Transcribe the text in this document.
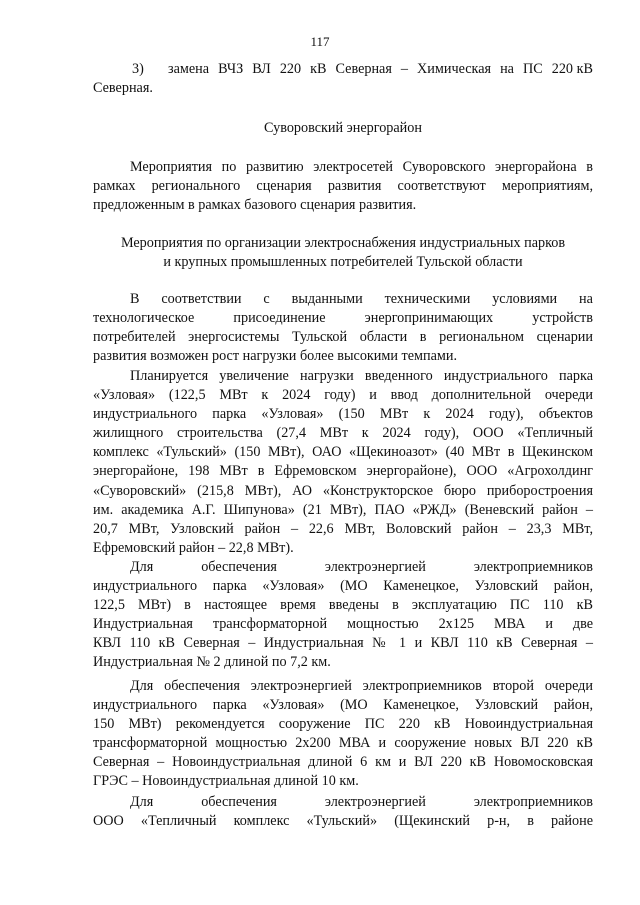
117
3)	замена ВЧЗ ВЛ 220 кВ Северная – Химическая на ПС 220 кВ
Северная.
Суворовский энергорайон
Мероприятия по развитию электросетей Суворовского энергорайона в
рамках регионального сценария развития соответствуют мероприятиям,
предложенным в рамках базового сценария развития.
Мероприятия по организации электроснабжения индустриальных парков
и крупных промышленных потребителей Тульской области
В соответствии с выданными техническими условиями на
технологическое	присоединение	энергопринимающих	устройств
потребителей энергосистемы Тульской области в региональном сценарии
развития возможен рост нагрузки более высокими темпами.
Планируется увеличение нагрузки введенного индустриального парка
«Узловая» (122,5 МВт к 2024 году) и ввод дополнительной очереди
индустриального парка «Узловая» (150 МВт к 2024 году), объектов
жилищного строительства (27,4 МВт к 2024 году), ООО «Тепличный
комплекс «Тульский» (150 МВт), ОАО «Щекиноазот» (40 МВт в Щекинском
энергорайоне, 198 МВт в Ефремовском энергорайоне), ООО «Агрохолдинг
«Суворовский» (215,8 МВт), АО «Конструкторское бюро приборостроения
им. академика А.Г. Шипунова» (21 МВт), ПАО «РЖД» (Веневский район –
20,7 МВт, Узловский район – 22,6 МВт, Воловский район – 23,3 МВт,
Ефремовский район – 22,8 МВт).
Для	обеспечения	электроэнергией	электроприемников
индустриального парка «Узловая» (МО Каменецкое, Узловский район,
122,5 МВт) в настоящее время введены в эксплуатацию ПС 110 кВ
Индустриальная трансформаторной мощностью 2х125 МВА и две
КВЛ 110 кВ Северная – Индустриальная № 1 и КВЛ 110 кВ Северная –
Индустриальная № 2 длиной по 7,2 км.
Для обеспечения электроэнергией электроприемников второй очереди
индустриального парка «Узловая» (МО Каменецкое, Узловский район,
150 МВт) рекомендуется сооружение ПС 220 кВ Новоиндустриальная
трансформаторной мощностью 2х200 МВА и сооружение новых ВЛ 220 кВ
Северная – Новоиндустриальная длиной 6 км и ВЛ 220 кВ Новомосковская
ГРЭС – Новоиндустриальная длиной 10 км.
Для	обеспечения	электроэнергией	электроприемников
ООО «Тепличный комплекс «Тульский» (Щекинский р-н, в районе
